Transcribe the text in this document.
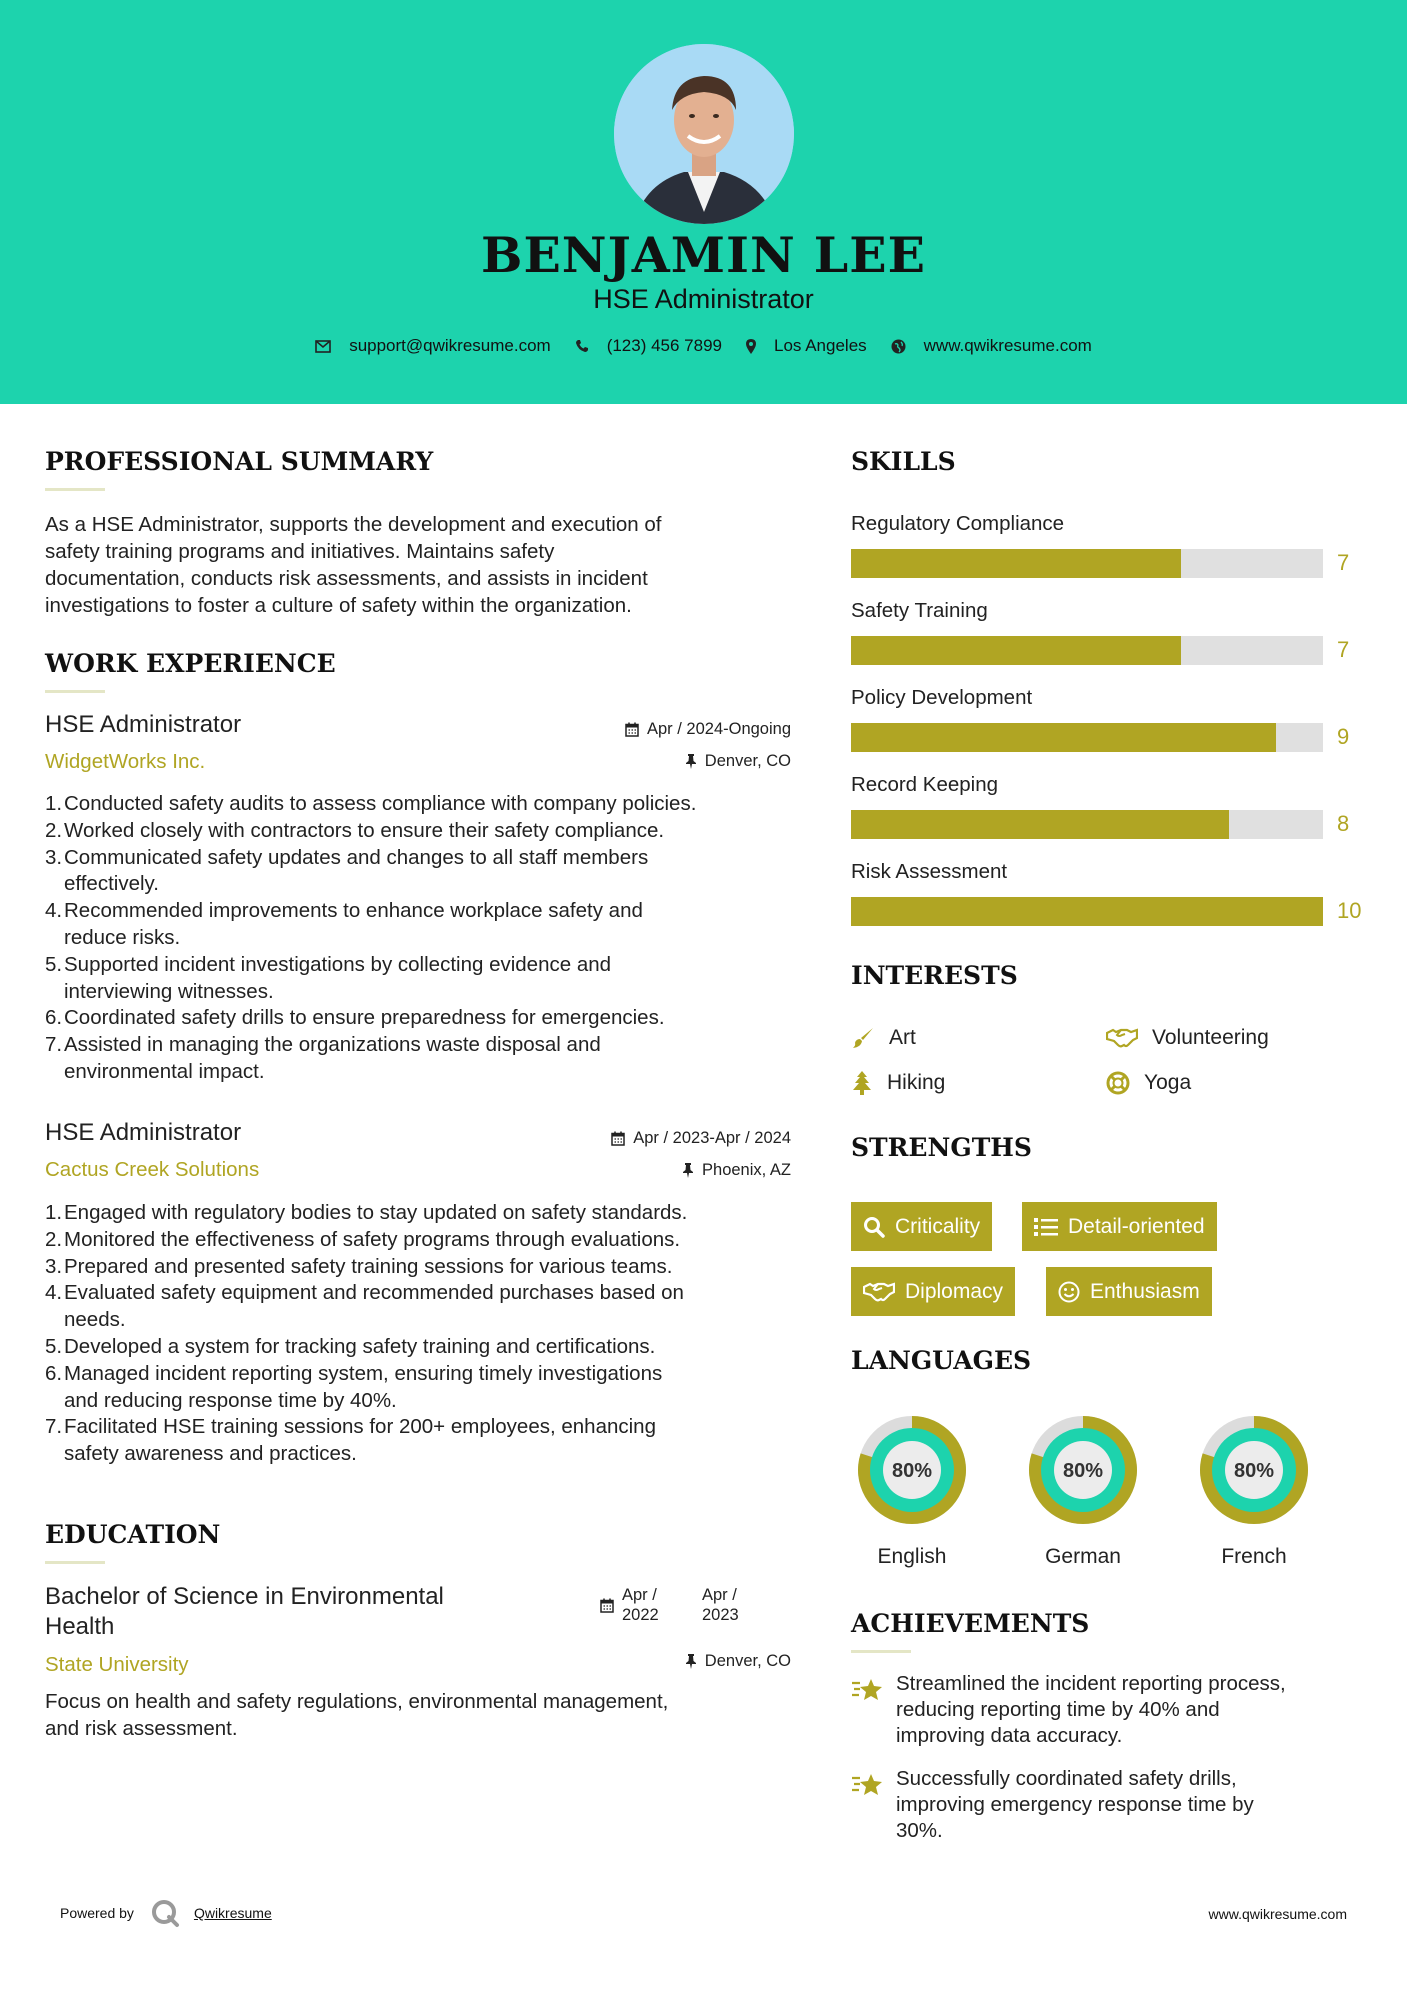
BENJAMIN LEE
HSE Administrator
support@qwikresume.com	(123) 456 7899	Los Angeles	www.qwikresume.com
PROFESSIONAL SUMMARY
As a HSE Administrator, supports the development and execution of
safety training programs and initiatives. Maintains safety
documentation, conducts risk assessments, and assists in incident
investigations to foster a culture of safety within the organization.
WORK EXPERIENCE
HSE Administrator
WidgetWorks Inc.
Apr / 2024-Ongoing
Denver, CO
1. Conducted safety audits to assess compliance with company policies.
2. Worked closely with contractors to ensure their safety compliance.
3. Communicated safety updates and changes to all staff members
effectively.
4. Recommended improvements to enhance workplace safety and
reduce risks.
5. Supported incident investigations by collecting evidence and
interviewing witnesses.
6. Coordinated safety drills to ensure preparedness for emergencies.
7. Assisted in managing the organizations waste disposal and
environmental impact.
HSE Administrator
Cactus Creek Solutions
Apr / 2023-Apr / 2024
Phoenix, AZ
1. Engaged with regulatory bodies to stay updated on safety standards.
2. Monitored the effectiveness of safety programs through evaluations.
3. Prepared and presented safety training sessions for various teams.
4. Evaluated safety equipment and recommended purchases based on
needs.
5. Developed a system for tracking safety training and certifications.
6. Managed incident reporting system, ensuring timely investigations
and reducing response time by 40%.
7. Facilitated HSE training sessions for 200+ employees, enhancing
safety awareness and practices.
EDUCATION
Bachelor of Science in Environmental
Health
State University
Apr /
2022
Apr /
2023
Denver, CO
Focus on health and safety regulations, environmental management,
and risk assessment.
SKILLS
Regulatory Compliance
7
Safety Training
7
Policy Development
9
Record Keeping
8
Risk Assessment
10
INTERESTS
Art	Volunteering
Hiking	Yoga
STRENGTHS
Criticality	Detail-oriented
Diplomacy	Enthusiasm
LANGUAGES
80%
English
80%
German
80%
French
ACHIEVEMENTS
Streamlined the incident reporting process,
reducing reporting time by 40% and
improving data accuracy.
Successfully coordinated safety drills,
improving emergency response time by
30%.
Powered by	Qwikresume	www.qwikresume.com
